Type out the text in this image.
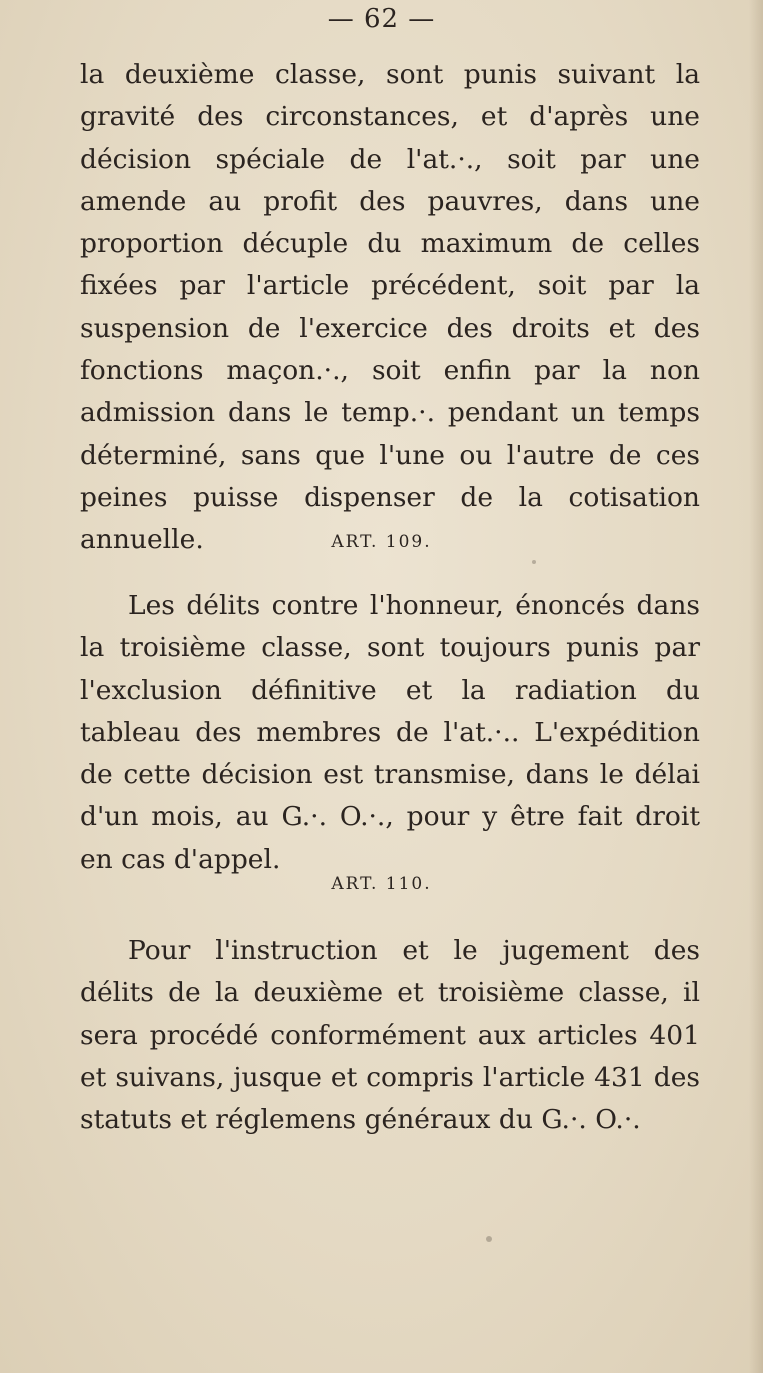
— 62 —

la deuxième classe, sont punis suivant la gravité des circonstances, et d'après une décision spéciale de l'at.·., soit par une amende au profit des pauvres, dans une proportion décuple du maximum de celles fixées par l'article précédent, soit par la suspension de l'exercice des droits et des fonctions maçon.·., soit enfin par la non admission dans le temp.·. pendant un temps déterminé, sans que l'une ou l'autre de ces peines puisse dispenser de la cotisation annuelle.	ART. 109.

Les délits contre l'honneur, énoncés dans la troisième classe, sont toujours punis par l'exclusion définitive et la radiation du tableau des membres de l'at.·.. L'expédition de cette décision est transmise, dans le délai d'un mois, au G.·. O.·., pour y être fait droit en cas d'appel.

ART. 110.

Pour l'instruction et le jugement des délits de la deuxième et troisième classe, il sera procédé conformément aux articles 401 et suivans, jusque et compris l'article 431 des statuts et réglemens généraux du G.·. O.·.
